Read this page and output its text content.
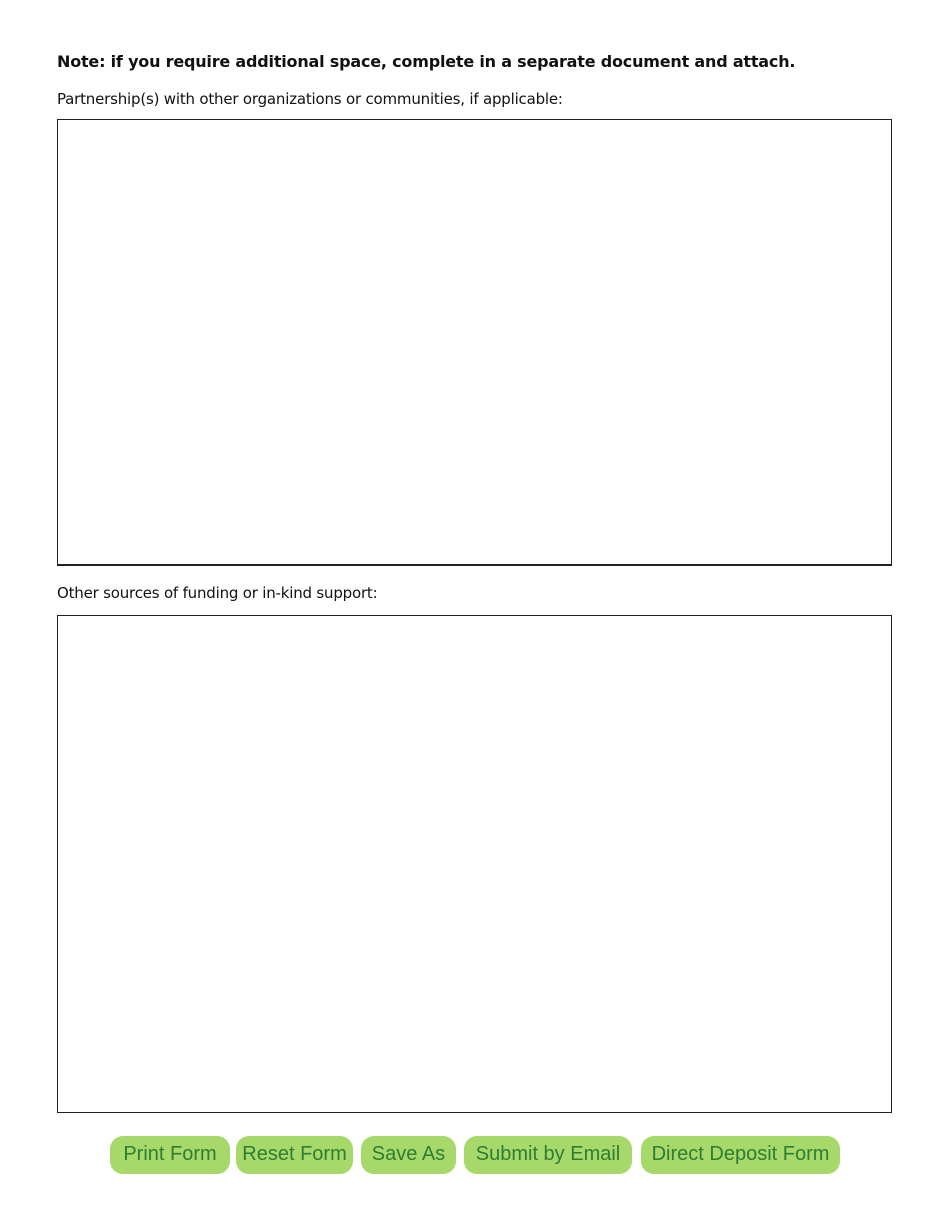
Note: if you require additional space, complete in a separate document and attach.
Partnership(s) with other organizations or communities, if applicable:
Other sources of funding or in-kind support:
Print Form	Reset Form	Save As	Submit by Email	Direct Deposit Form
